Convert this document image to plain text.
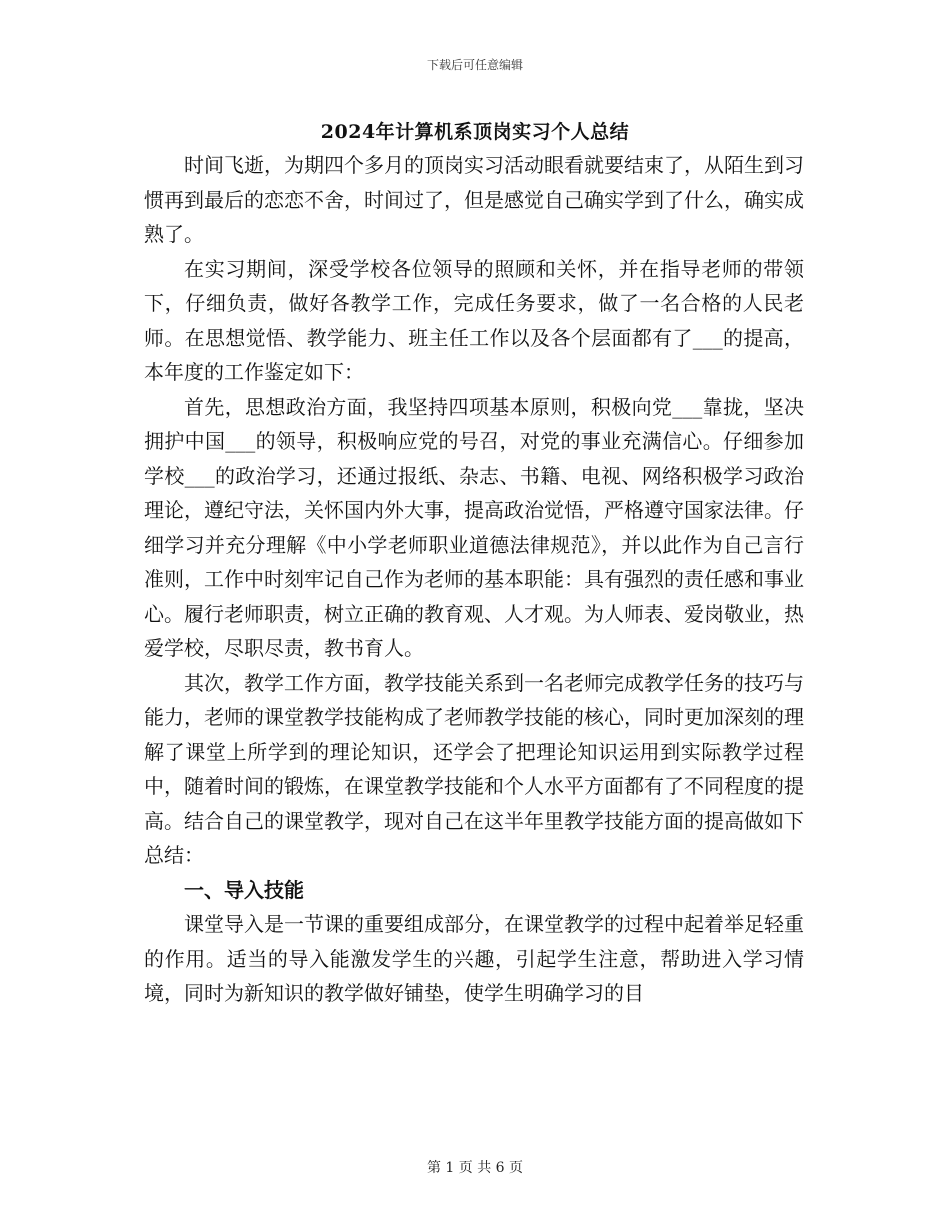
下载后可任意编辑
2024年计算机系顶岗实习个人总结

时间飞逝，为期四个多月的顶岗实习活动眼看就要结束了，从陌生到习惯再到最后的恋恋不舍，时间过了，但是感觉自己确实学到了什么，确实成熟了。

在实习期间，深受学校各位领导的照顾和关怀，并在指导老师的带领下，仔细负责，做好各教学工作，完成任务要求，做了一名合格的人民老师。在思想觉悟、教学能力、班主任工作以及各个层面都有了___的提高，本年度的工作鉴定如下：

首先，思想政治方面，我坚持四项基本原则，积极向党___靠拢，坚决拥护中国___的领导，积极响应党的号召，对党的事业充满信心。仔细参加学校___的政治学习，还通过报纸、杂志、书籍、电视、网络积极学习政治理论，遵纪守法，关怀国内外大事，提高政治觉悟，严格遵守国家法律。仔细学习并充分理解《中小学老师职业道德法律规范》，并以此作为自己言行准则，工作中时刻牢记自己作为老师的基本职能：具有强烈的责任感和事业心。履行老师职责，树立正确的教育观、人才观。为人师表、爱岗敬业，热爱学校，尽职尽责，教书育人。

其次，教学工作方面，教学技能关系到一名老师完成教学任务的技巧与能力，老师的课堂教学技能构成了老师教学技能的核心，同时更加深刻的理解了课堂上所学到的理论知识，还学会了把理论知识运用到实际教学过程中，随着时间的锻炼，在课堂教学技能和个人水平方面都有了不同程度的提高。结合自己的课堂教学，现对自己在这半年里教学技能方面的提高做如下总结：

一、导入技能

课堂导入是一节课的重要组成部分，在课堂教学的过程中起着举足轻重的作用。适当的导入能激发学生的兴趣，引起学生注意，帮助进入学习情境，同时为新知识的教学做好铺垫，使学生明确学习的目

第 1 页 共 6 页
